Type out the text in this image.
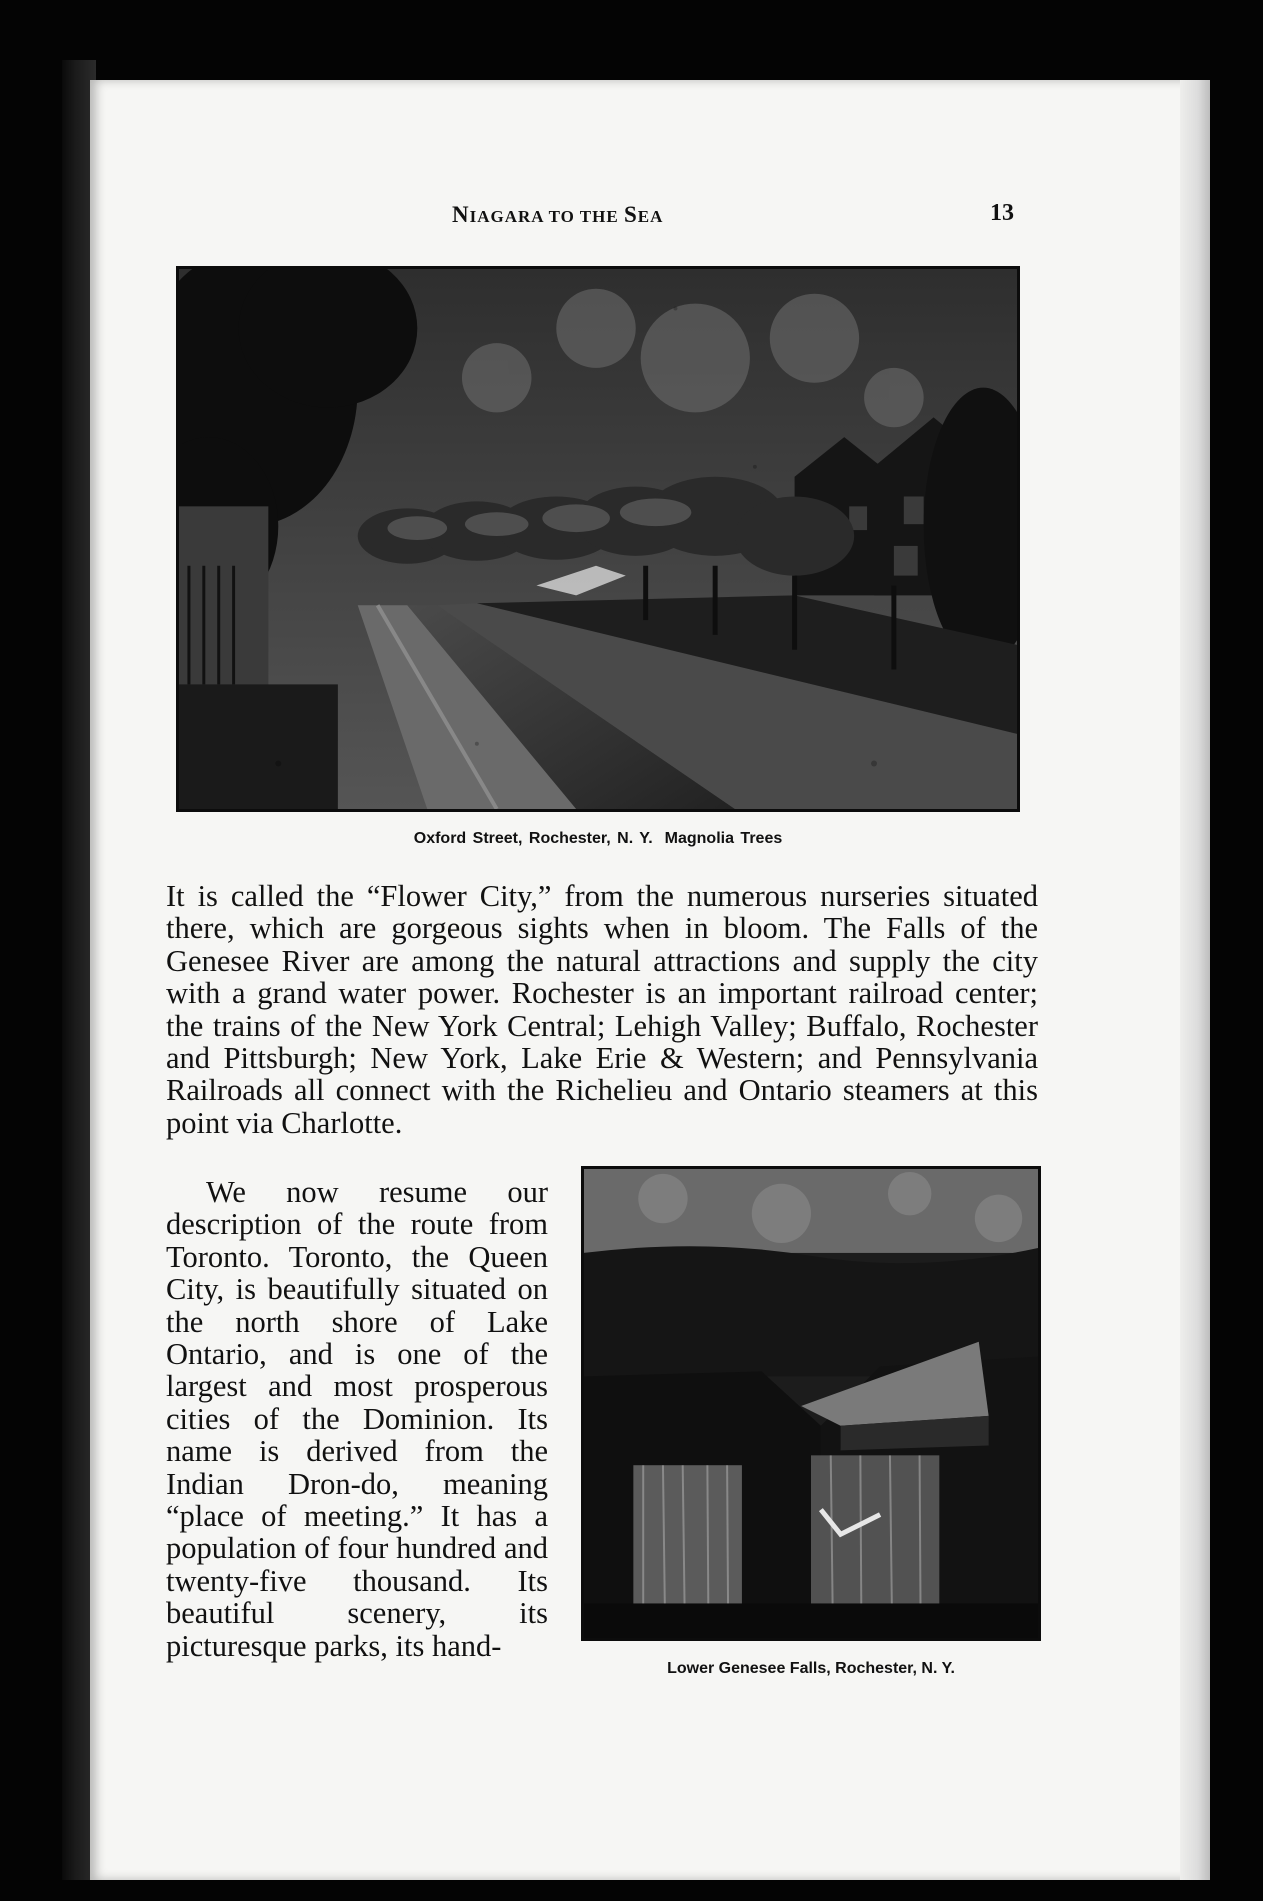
NIAGARA TO THE SEA	13
Oxford Street, Rochester, N. Y. Magnolia Trees

It is called the “Flower City,” from the numerous nurseries situated there, which are gorgeous sights when in bloom. The Falls of the Genesee River are among the natural attractions and supply the city with a grand water power. Rochester is an important railroad center; the trains of the New York Central; Lehigh Valley; Buffalo, Rochester and Pittsburgh; New York, Lake Erie & Western; and Pennsylvania Railroads all connect with the Richelieu and Ontario steamers at this point via Charlotte.

We now resume our description of the route from Toronto. Toronto, the Queen City, is beautifully situated on the north shore of Lake Ontario, and is one of the largest and most prosperous cities of the Dominion. Its name is derived from the Indian Dron-do, meaning “place of meeting.” It has a population of four hundred and twenty-five thousand. Its beautiful scenery, its picturesque parks, its hand-

Lower Genesee Falls, Rochester, N. Y.
